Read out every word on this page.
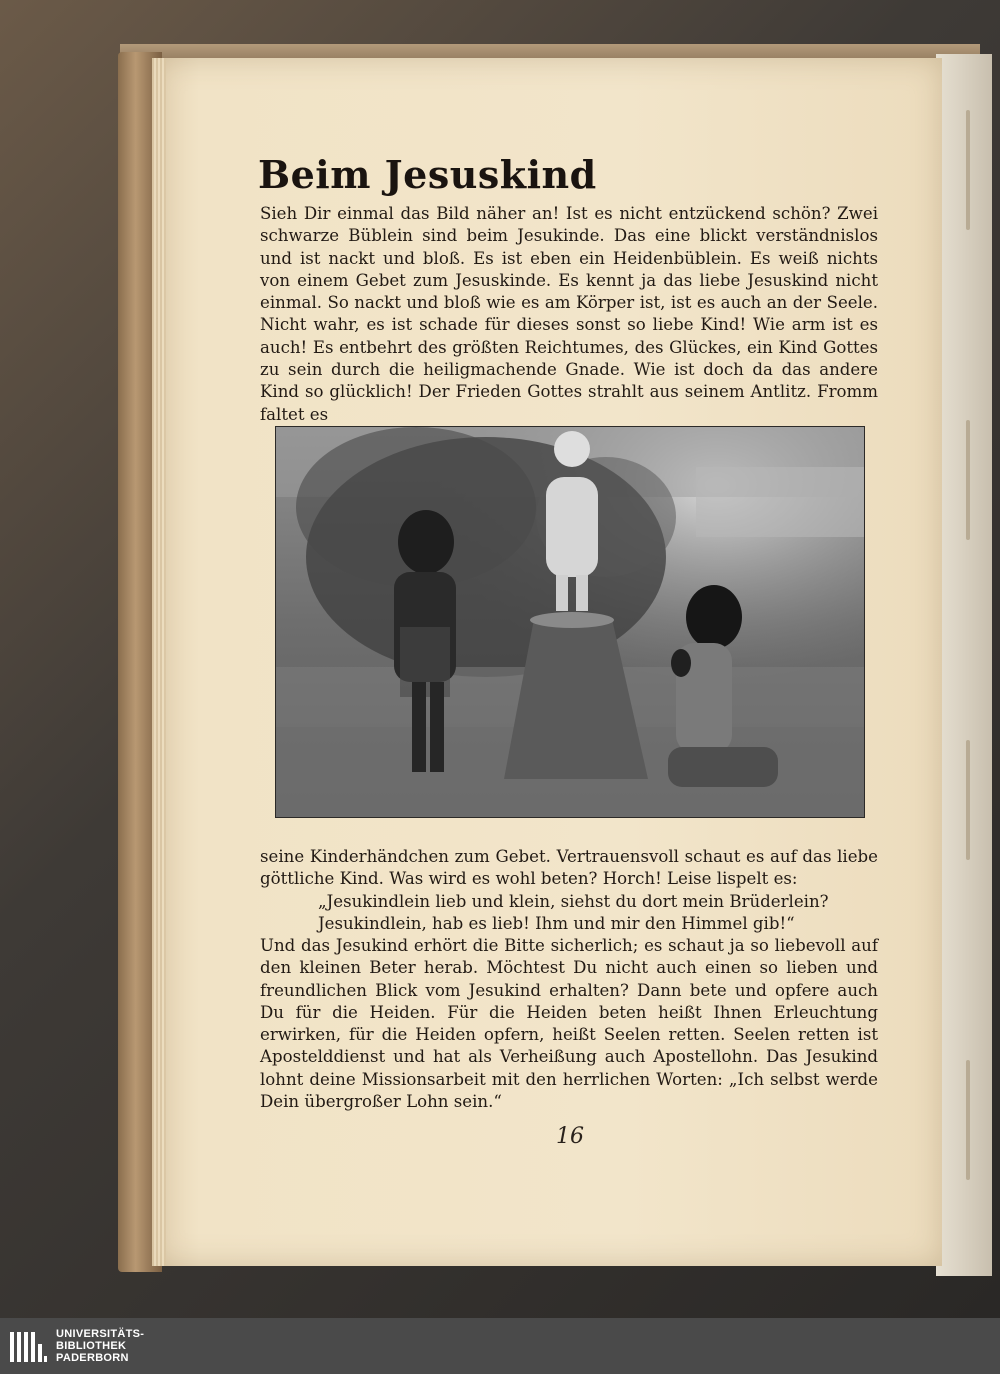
Beim Jesuskind

Sieh Dir einmal das Bild näher an! Ist es nicht entzückend schön? Zwei schwarze Büblein sind beim Jesukinde. Das eine blickt verständnislos und ist nackt und bloß. Es ist eben ein Heidenbüblein. Es weiß nichts von einem Gebet zum Jesuskinde. Es kennt ja das liebe Jesuskind nicht einmal. So nackt und bloß wie es am Körper ist, ist es auch an der Seele. Nicht wahr, es ist schade für dieses sonst so liebe Kind! Wie arm ist es auch! Es entbehrt des größten Reichtumes, des Glückes, ein Kind Gottes zu sein durch die heiligmachende Gnade. Wie ist doch da das andere Kind so glücklich! Der Frieden Gottes strahlt aus seinem Antlitz. Fromm faltet es

seine Kinderhändchen zum Gebet. Vertrauensvoll schaut es auf das liebe göttliche Kind. Was wird es wohl beten? Horch! Leise lispelt es:

„Jesukindlein lieb und klein, siehst du dort mein Brüderlein?

Jesukindlein, hab es lieb! Ihm und mir den Himmel gib!“

Und das Jesukind erhört die Bitte sicherlich; es schaut ja so liebevoll auf den kleinen Beter herab. Möchtest Du nicht auch einen so lieben und freundlichen Blick vom Jesukind erhalten? Dann bete und opfere auch Du für die Heiden. Für die Heiden beten heißt Ihnen Erleuchtung erwirken, für die Heiden opfern, heißt Seelen retten. Seelen retten ist Apostelddienst und hat als Verheißung auch Apostellohn. Das Jesukind lohnt deine Missionsarbeit mit den herrlichen Worten: „Ich selbst werde Dein übergroßer Lohn sein.“

16

UNIVERSITÄTS-
BIBLIOTHEK
PADERBORN
